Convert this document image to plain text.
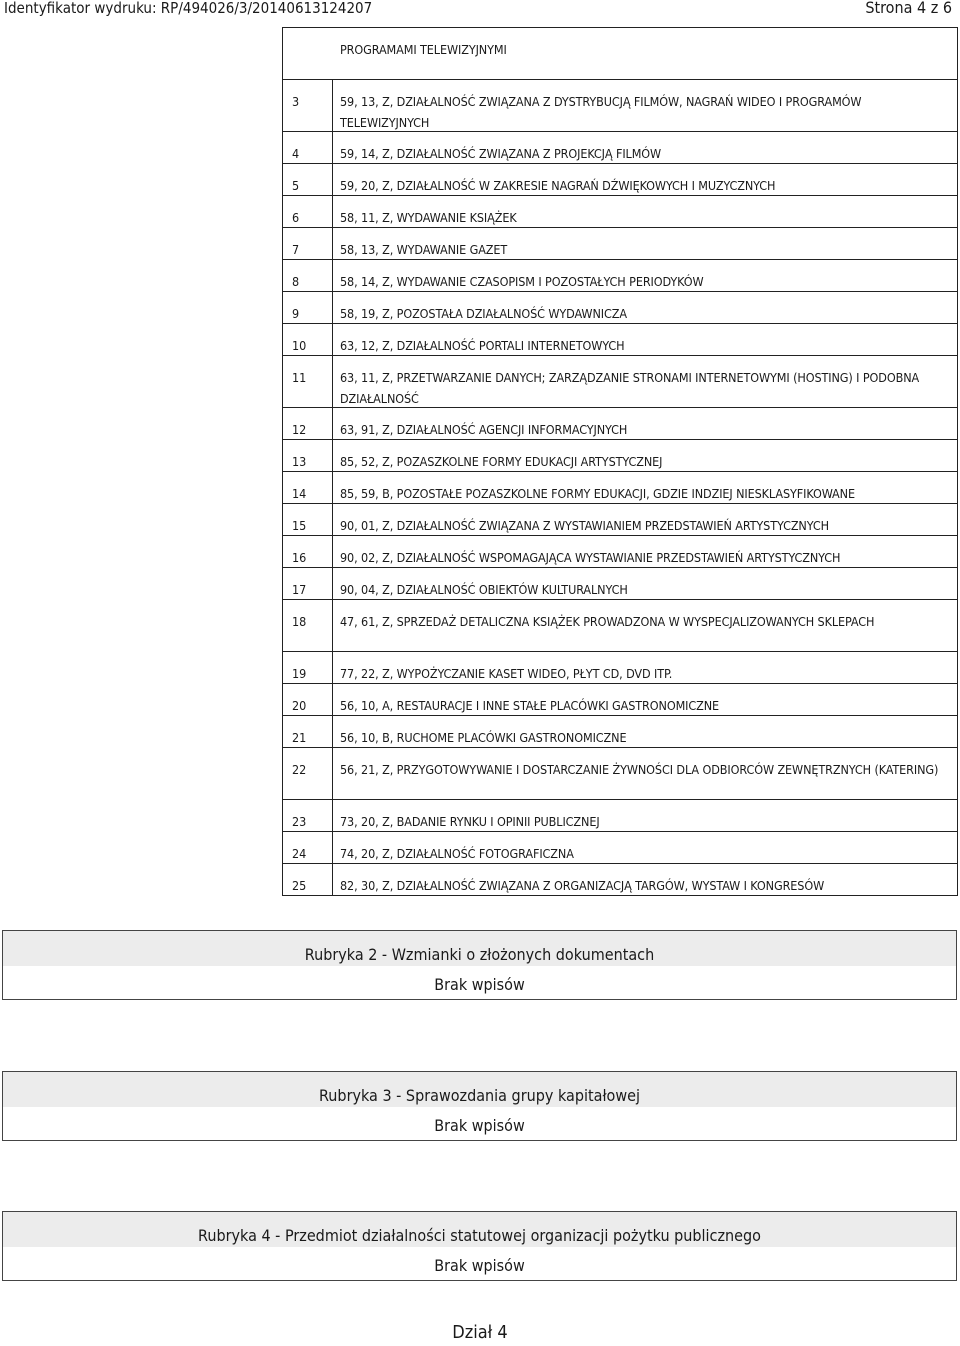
Identyfikator wydruku: RP/494026/3/20140613124207	Strona 4 z 6
PROGRAMAMI TELEWIZYJNYMI
3	59, 13, Z, DZIAŁALNOŚĆ ZWIĄZANA Z DYSTRYBUCJĄ FILMÓW, NAGRAŃ WIDEO I PROGRAMÓW TELEWIZYJNYCH
4	59, 14, Z, DZIAŁALNOŚĆ ZWIĄZANA Z PROJEKCJĄ FILMÓW
5	59, 20, Z, DZIAŁALNOŚĆ W ZAKRESIE NAGRAŃ DŹWIĘKOWYCH I MUZYCZNYCH
6	58, 11, Z, WYDAWANIE KSIĄŻEK
7	58, 13, Z, WYDAWANIE GAZET
8	58, 14, Z, WYDAWANIE CZASOPISM I POZOSTAŁYCH PERIODYKÓW
9	58, 19, Z, POZOSTAŁA DZIAŁALNOŚĆ WYDAWNICZA
10	63, 12, Z, DZIAŁALNOŚĆ PORTALI INTERNETOWYCH
11	63, 11, Z, PRZETWARZANIE DANYCH; ZARZĄDZANIE STRONAMI INTERNETOWYMI (HOSTING) I PODOBNA DZIAŁALNOŚĆ
12	63, 91, Z, DZIAŁALNOŚĆ AGENCJI INFORMACYJNYCH
13	85, 52, Z, POZASZKOLNE FORMY EDUKACJI ARTYSTYCZNEJ
14	85, 59, B, POZOSTAŁE POZASZKOLNE FORMY EDUKACJI, GDZIE INDZIEJ NIESKLASYFIKOWANE
15	90, 01, Z, DZIAŁALNOŚĆ ZWIĄZANA Z WYSTAWIANIEM PRZEDSTAWIEŃ ARTYSTYCZNYCH
16	90, 02, Z, DZIAŁALNOŚĆ WSPOMAGAJĄCA WYSTAWIANIE PRZEDSTAWIEŃ ARTYSTYCZNYCH
17	90, 04, Z, DZIAŁALNOŚĆ OBIEKTÓW KULTURALNYCH
18	47, 61, Z, SPRZEDAŻ DETALICZNA KSIĄŻEK PROWADZONA W WYSPECJALIZOWANYCH SKLEPACH
19	77, 22, Z, WYPOŻYCZANIE KASET WIDEO, PŁYT CD, DVD ITP.
20	56, 10, A, RESTAURACJE I INNE STAŁE PLACÓWKI GASTRONOMICZNE
21	56, 10, B, RUCHOME PLACÓWKI GASTRONOMICZNE
22	56, 21, Z, PRZYGOTOWYWANIE I DOSTARCZANIE ŻYWNOŚCI DLA ODBIORCÓW ZEWNĘTRZNYCH (KATERING)
23	73, 20, Z, BADANIE RYNKU I OPINII PUBLICZNEJ
24	74, 20, Z, DZIAŁALNOŚĆ FOTOGRAFICZNA
25	82, 30, Z, DZIAŁALNOŚĆ ZWIĄZANA Z ORGANIZACJĄ TARGÓW, WYSTAW I KONGRESÓW
Rubryka 2 - Wzmianki o złożonych dokumentach
Brak wpisów
Rubryka 3 - Sprawozdania grupy kapitałowej
Brak wpisów
Rubryka 4 - Przedmiot działalności statutowej organizacji pożytku publicznego
Brak wpisów
Dział 4
